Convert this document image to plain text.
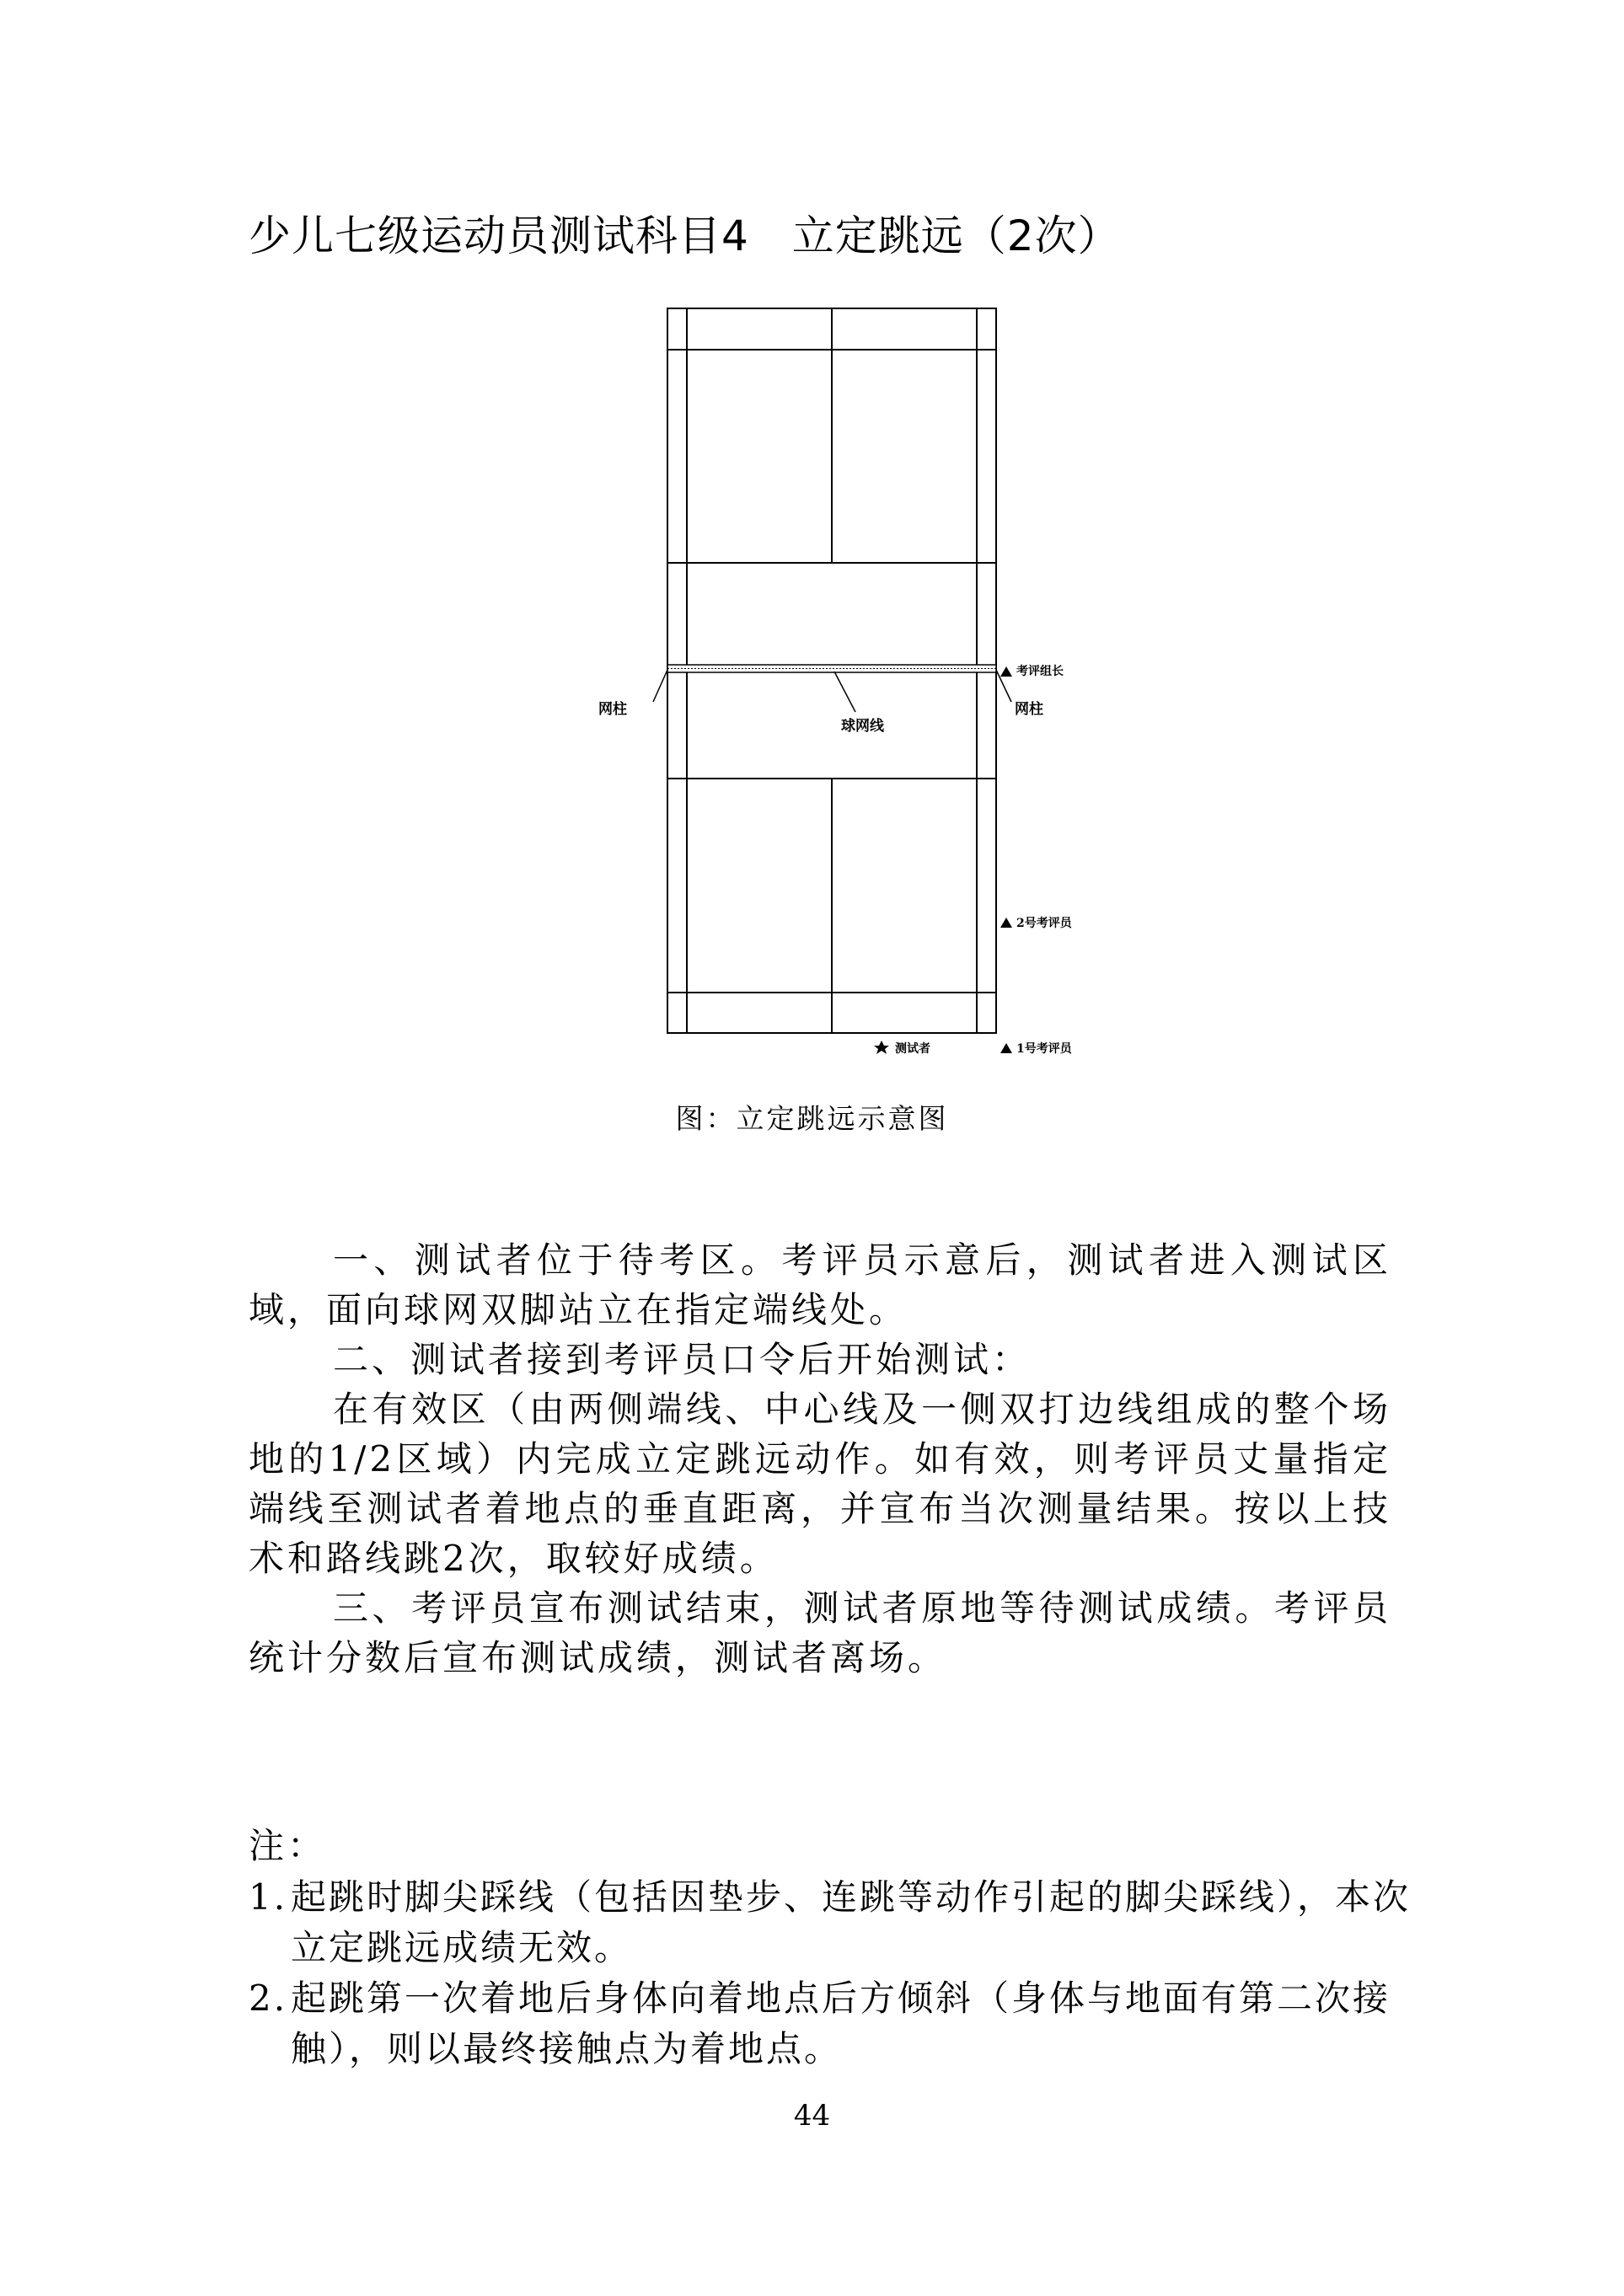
少儿七级运动员测试科目4　立定跳远（2次）
网柱	网柱
球网线
考评组长
2号考评员
1号考评员
测试者
图：立定跳远示意图

一、测试者位于待考区。考评员示意后，测试者进入测试区域，面向球网双脚站立在指定端线处。

二、测试者接到考评员口令后开始测试：

在有效区（由两侧端线、中心线及一侧双打边线组成的整个场地的1/2区域）内完成立定跳远动作。如有效，则考评员丈量指定端线至测试者着地点的垂直距离，并宣布当次测量结果。按以上技术和路线跳2次，取较好成绩。

三、考评员宣布测试结束，测试者原地等待测试成绩。考评员统计分数后宣布测试成绩，测试者离场。

注：
1. 起跳时脚尖踩线（包括因垫步、连跳等动作引起的脚尖踩线），本次立定跳远成绩无效。
2. 起跳第一次着地后身体向着地点后方倾斜（身体与地面有第二次接触），则以最终接触点为着地点。
44
